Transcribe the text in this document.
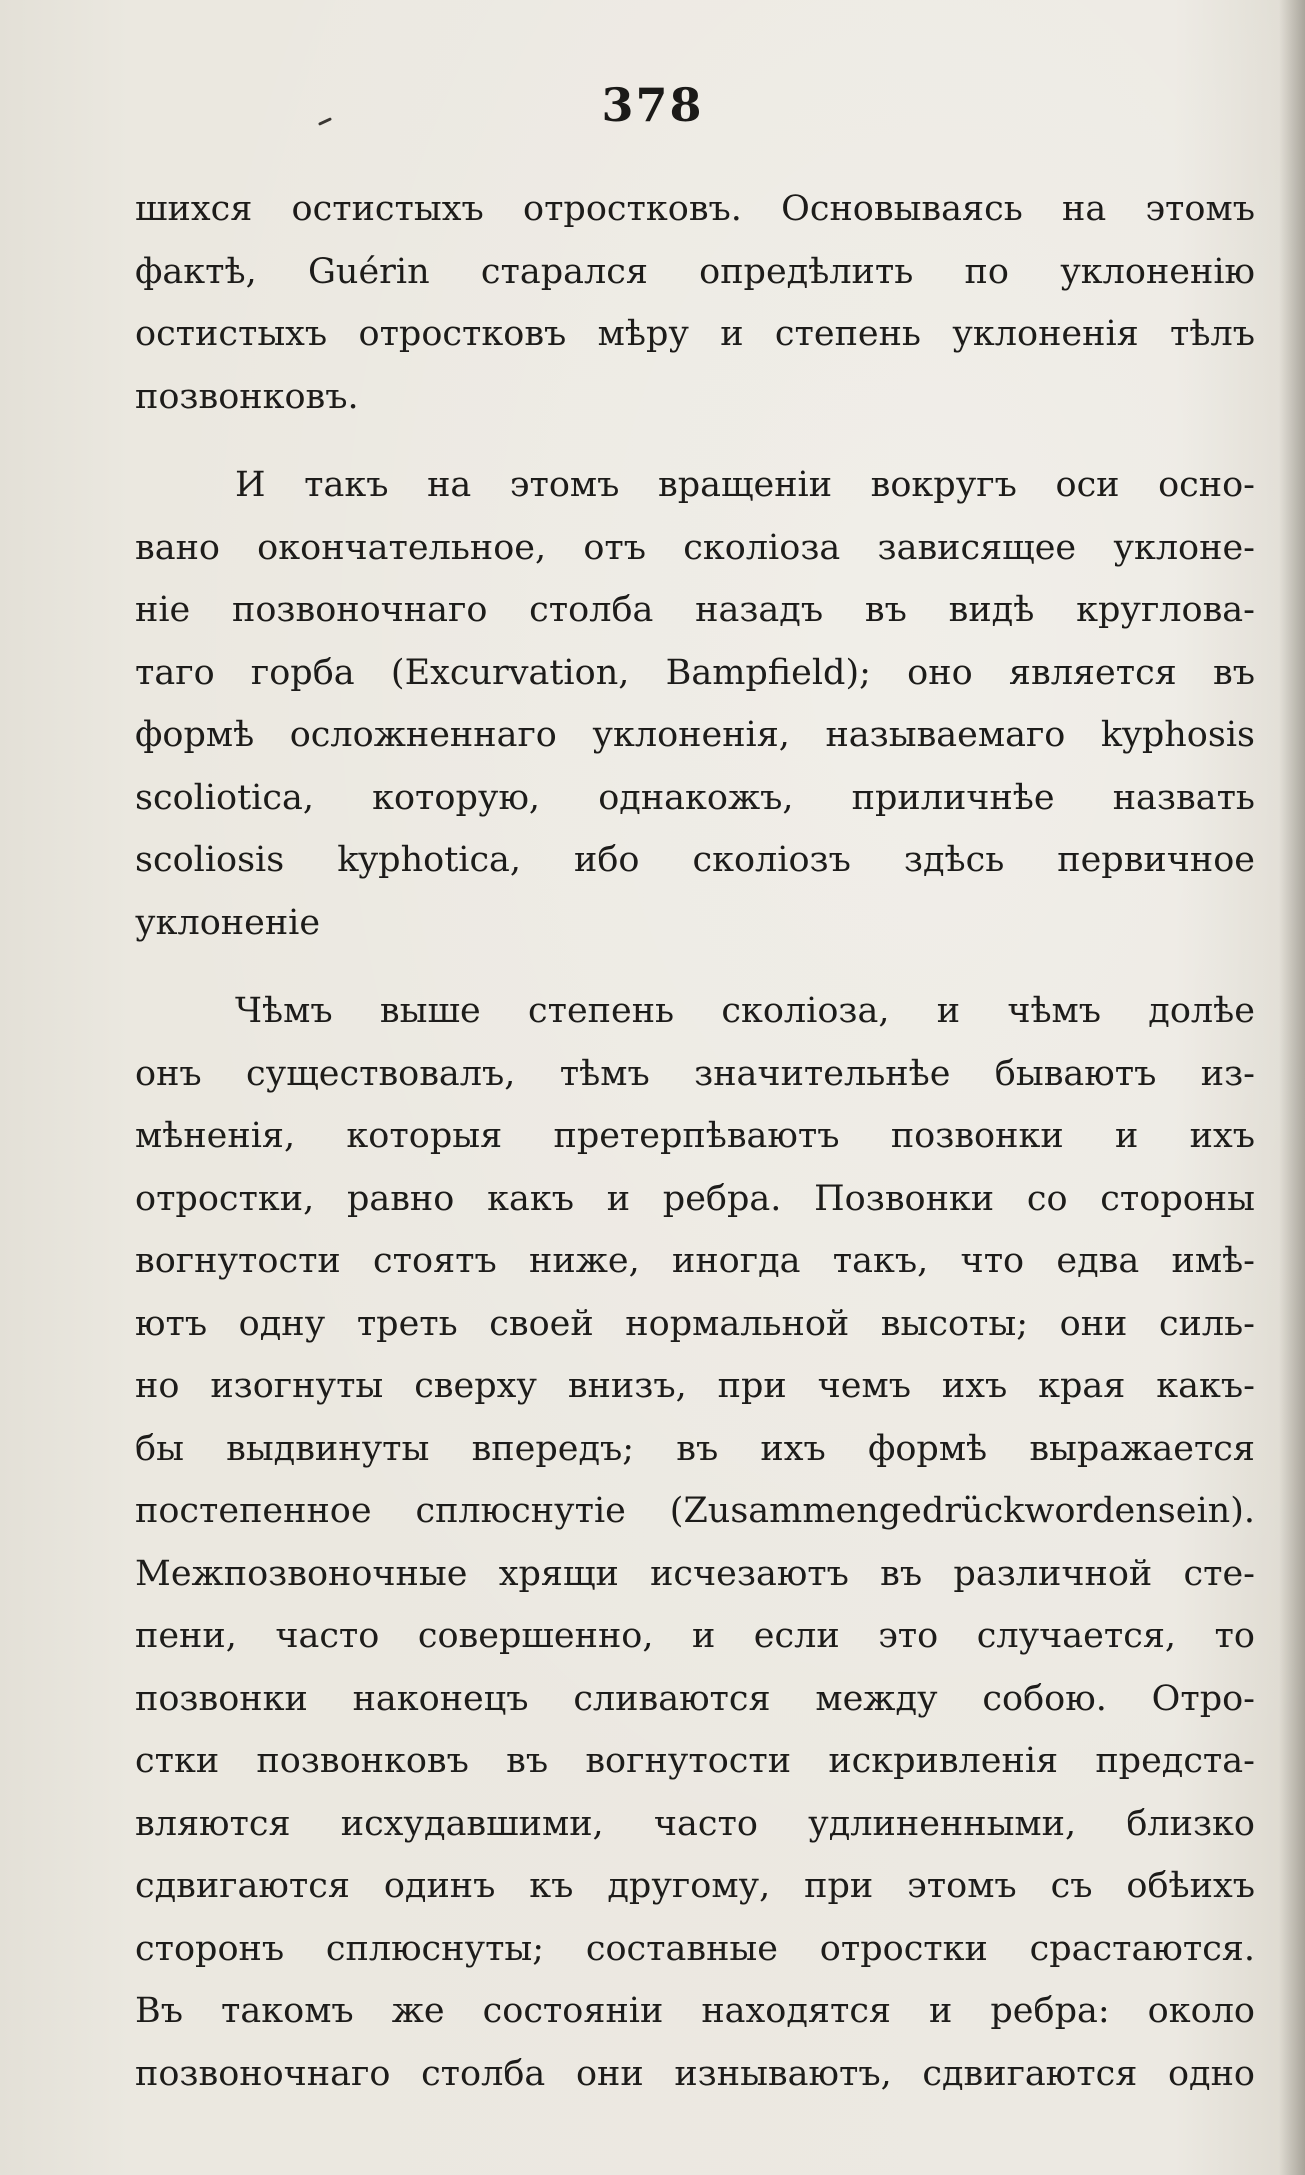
378
шихся остистыхъ отростковъ. Основываясь на этомъ
фактѣ, Guérin старался опредѣлить по уклоненію
остистыхъ отростковъ мѣру и степень уклоненія тѣлъ
позвонковъ.
И такъ на этомъ вращеніи вокругъ оси осно-
вано окончательное, отъ сколіоза зависящее уклоне-
ніе позвоночнаго столба назадъ въ видѣ круглова-
таго горба (Excurvation, Bampfield); оно является въ
формѣ осложненнаго уклоненія, называемаго kyphosis
scoliotica, которую, однакожъ, приличнѣе назвать
scoliosis kyphotica, ибо сколіозъ здѣсь первичное
уклоненіе
Чѣмъ выше степень сколіоза, и чѣмъ долѣе
онъ существовалъ, тѣмъ значительнѣе бываютъ из-
мѣненія, которыя претерпѣваютъ позвонки и ихъ
отростки, равно какъ и ребра. Позвонки со стороны
вогнутости стоятъ ниже, иногда такъ, что едва имѣ-
ютъ одну треть своей нормальной высоты; они силь-
но изогнуты сверху внизъ, при чемъ ихъ края какъ-
бы выдвинуты впередъ; въ ихъ формѣ выражается
постепенное сплюснутіе (Zusammengedrückwordensein).
Межпозвоночные хрящи исчезаютъ въ различной сте-
пени, часто совершенно, и если это случается, то
позвонки наконецъ сливаются между собою. Отро-
стки позвонковъ въ вогнутости искривленія предста-
вляются исхудавшими, часто удлиненными, близко
сдвигаются одинъ къ другому, при этомъ съ обѣихъ
сторонъ сплюснуты; составные отростки срастаются.
Въ такомъ же состояніи находятся и ребра: около
позвоночнаго столба они изнываютъ, сдвигаются одно
